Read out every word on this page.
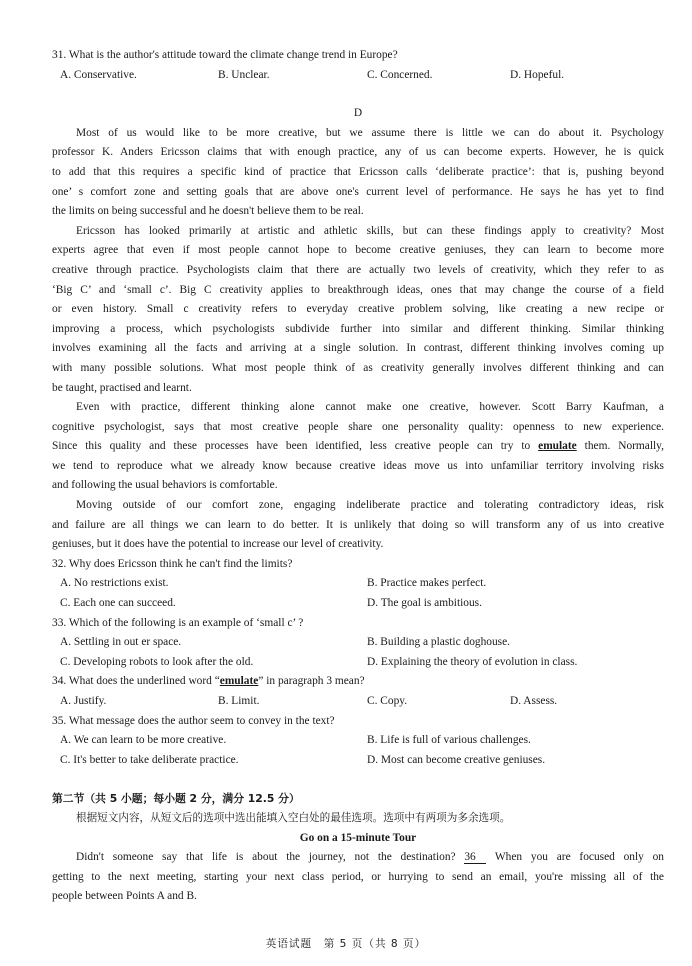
31. What is the author's attitude toward the climate change trend in Europe?
A. Conservative.	B. Unclear.	C. Concerned.	D. Hopeful.
D
Most of us would like to be more creative, but we assume there is little we can do about it. Psychology
professor K. Anders Ericsson claims that with enough practice, any of us can become experts. However, he is quick
to add that this requires a specific kind of practice that Ericsson calls ‘deliberate practice’: that is, pushing beyond
one’ s comfort zone and setting goals that are above one's current level of performance. He says he has yet to find
the limits on being successful and he doesn't believe them to be real.
Ericsson has looked primarily at artistic and athletic skills, but can these findings apply to creativity? Most
experts agree that even if most people cannot hope to become creative geniuses, they can learn to become more
creative through practice. Psychologists claim that there are actually two levels of creativity, which they refer to as
‘Big C’ and ‘small c’. Big C creativity applies to breakthrough ideas, ones that may change the course of a field
or even history. Small c creativity refers to everyday creative problem solving, like creating a new recipe or
improving a process, which psychologists subdivide further into similar and different thinking. Similar thinking
involves examining all the facts and arriving at a single solution. In contrast, different thinking involves coming up
with many possible solutions. What most people think of as creativity generally involves different thinking and can
be taught, practised and learnt.
Even with practice, different thinking alone cannot make one creative, however. Scott Barry Kaufman, a
cognitive psychologist, says that most creative people share one personality quality: openness to new experience.
Since this quality and these processes have been identified, less creative people can try to emulate them. Normally,
we tend to reproduce what we already know because creative ideas move us into unfamiliar territory involving risks
and following the usual behaviors is comfortable.
Moving outside of our comfort zone, engaging indeliberate practice and tolerating contradictory ideas, risk
and failure are all things we can learn to do better. It is unlikely that doing so will transform any of us into creative
geniuses, but it does have the potential to increase our level of creativity.
32. Why does Ericsson think he can't find the limits?
A. No restrictions exist.	B. Practice makes perfect.
C. Each one can succeed.	D. The goal is ambitious.
33. Which of the following is an example of ‘small c’ ?
A. Settling in out er space.	B. Building a plastic doghouse.
C. Developing robots to look after the old.	D. Explaining the theory of evolution in class.
34. What does the underlined word “emulate” in paragraph 3 mean?
A. Justify.	B. Limit.	C. Copy.	D. Assess.
35. What message does the author seem to convey in the text?
A. We can learn to be more creative.	B. Life is full of various challenges.
C. It's better to take deliberate practice.	D. Most can become creative geniuses.
第二节（共 5 小题；每小题 2 分，满分 12.5 分）
根据短文内容，从短文后的选项中选出能填入空白处的最佳选项。选项中有两项为多余选项。
Go on a 15-minute Tour
Didn't someone say that life is about the journey, not the destination? 36 When you are focused only on
getting to the next meeting, starting your next class period, or hurrying to send an email, you're missing all of the
people between Points A and B.
英语试题　第 5 页（共 8 页）
